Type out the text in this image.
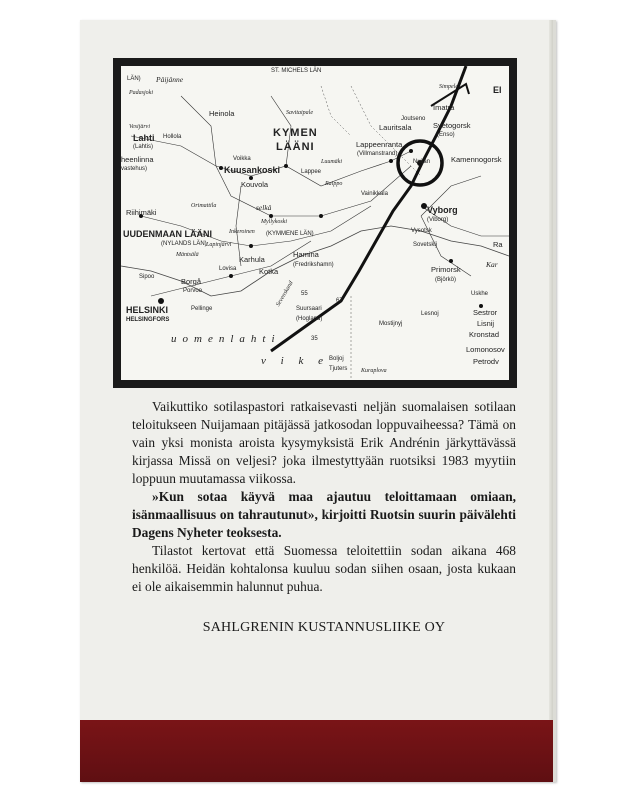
ST. MICHELS LÄN
Päijänne
LÄN)
Padasjoki
Heinola	Savitaipale
Vesijärvi
Lahti
(Lahtis)
Hollola
heenlinna
vastehus)
KYMEN
LÄÄNI
Voikka
Kuusankoski
Kouvola
Lappee
Luumäki
Imatra
Simpele
Joutseno
Lauritsala	Svetogorsk
(Enso)
Lappeenranta
(Villmanstrand)
Nuijan	Kamennogorsk
Raippo
Vainikkala
selkä
Orimattila
Myllykoski
Riihimäki
UUDENMAAN LÄÄNI
(NYLANDS LÄN)
(KYMMENE LÄN)
Mäntsälä
Inkeroinen
Lapinjärvi
Hamina
(Fredrikshamn)
Karhula
Kotka
Lovisa
Borgå
Porvoo
Vyborg
(Viborg)
Vysotsk
Sovetskij
Primorsk
(Björkö)
Sipoo
Pellinge
HELSINKI
HELSINGFORS
Suursaari
(Hogland)
Mostijnyj
Lesnoj	Sestror
Lisnij
Kronstad
Lomonosov
Petrodv
Uskhe
Boljoj
Tjuters Kuraplova
uomenlahti
v i k e
El
Ra
Kar
55
67
35
Sevenskand

Vaikuttiko sotilaspastori ratkaisevasti neljän suomalaisen sotilaan teloitukseen Nuijamaan pitäjässä jatkosodan loppuvaiheessa? Tämä on vain yksi monista aroista kysymyksistä Erik Andrénin järkyttävässä kirjassa Missä on veljesi? joka ilmestyttyään ruotsiksi 1983 myytiin loppuun muutamassa viikossa.

»Kun sotaa käyvä maa ajautuu teloittamaan omiaan, isänmaallisuus on tahrautunut», kirjoitti Ruotsin suurin päivälehti Dagens Nyheter teoksesta.

Tilastot kertovat että Suomessa teloitettiin sodan aikana 468 henkilöä. Heidän kohtalonsa kuuluu sodan siihen osaan, josta kukaan ei ole aikaisemmin halunnut puhua.

SAHLGRENIN KUSTANNUSLIIKE OY
